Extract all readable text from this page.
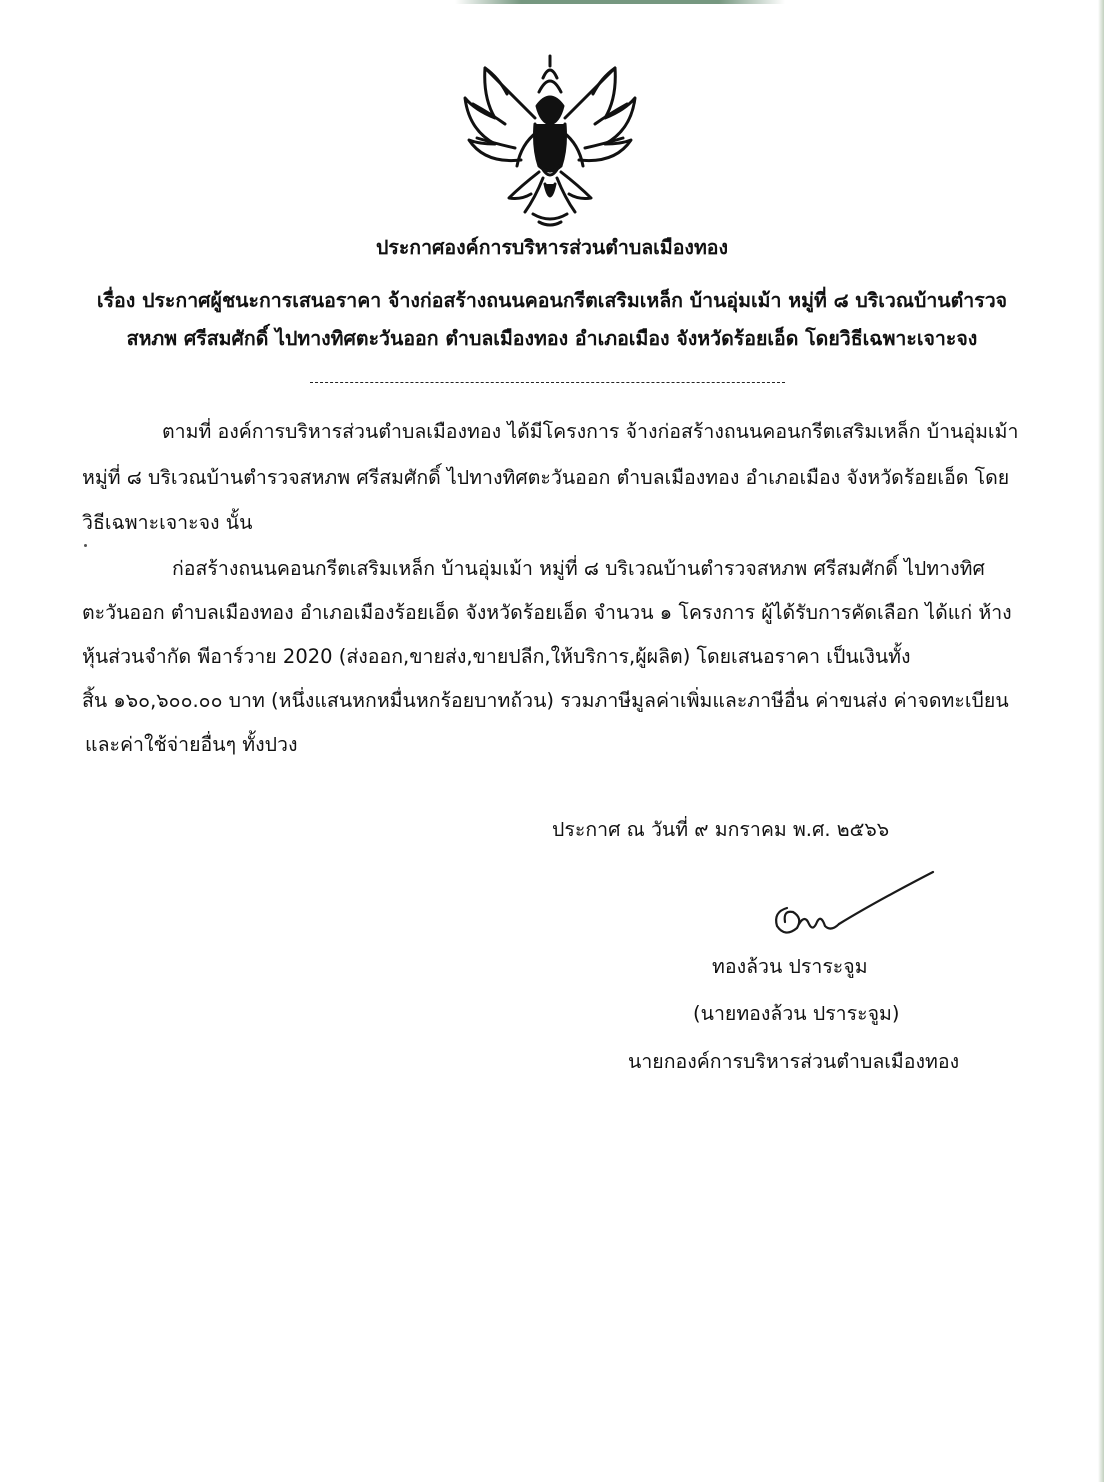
ประกาศองค์การบริหารส่วนตำบลเมืองทอง
เรื่อง ประกาศผู้ชนะการเสนอราคา จ้างก่อสร้างถนนคอนกรีตเสริมเหล็ก บ้านอุ่มเม้า หมู่ที่ ๘ บริเวณบ้านตำรวจ
สหภพ ศรีสมศักดิ์ ไปทางทิศตะวันออก ตำบลเมืองทอง อำเภอเมือง จังหวัดร้อยเอ็ด โดยวิธีเฉพาะเจาะจง
ตามที่ องค์การบริหารส่วนตำบลเมืองทอง ได้มีโครงการ จ้างก่อสร้างถนนคอนกรีตเสริมเหล็ก บ้านอุ่มเม้า
หมู่ที่ ๘ บริเวณบ้านตำรวจสหภพ ศรีสมศักดิ์ ไปทางทิศตะวันออก ตำบลเมืองทอง อำเภอเมือง จังหวัดร้อยเอ็ด โดย
วิธีเฉพาะเจาะจง นั้น
ก่อสร้างถนนคอนกรีตเสริมเหล็ก บ้านอุ่มเม้า หมู่ที่ ๘ บริเวณบ้านตำรวจสหภพ ศรีสมศักดิ์ ไปทางทิศ
ตะวันออก ตำบลเมืองทอง อำเภอเมืองร้อยเอ็ด จังหวัดร้อยเอ็ด จำนวน ๑ โครงการ ผู้ได้รับการคัดเลือก ได้แก่ ห้าง
หุ้นส่วนจำกัด พีอาร์วาย 2020 (ส่งออก,ขายส่ง,ขายปลีก,ให้บริการ,ผู้ผลิต) โดยเสนอราคา เป็นเงินทั้ง
สิ้น ๑๖๐,๖๐๐.๐๐ บาท (หนึ่งแสนหกหมื่นหกร้อยบาทถ้วน) รวมภาษีมูลค่าเพิ่มและภาษีอื่น ค่าขนส่ง ค่าจดทะเบียน
และค่าใช้จ่ายอื่นๆ ทั้งปวง
ประกาศ ณ วันที่ ๙ มกราคม พ.ศ. ๒๕๖๖
ทองล้วน ปราระจูม
(นายทองล้วน ปราระจูม)
นายกองค์การบริหารส่วนตำบลเมืองทอง
